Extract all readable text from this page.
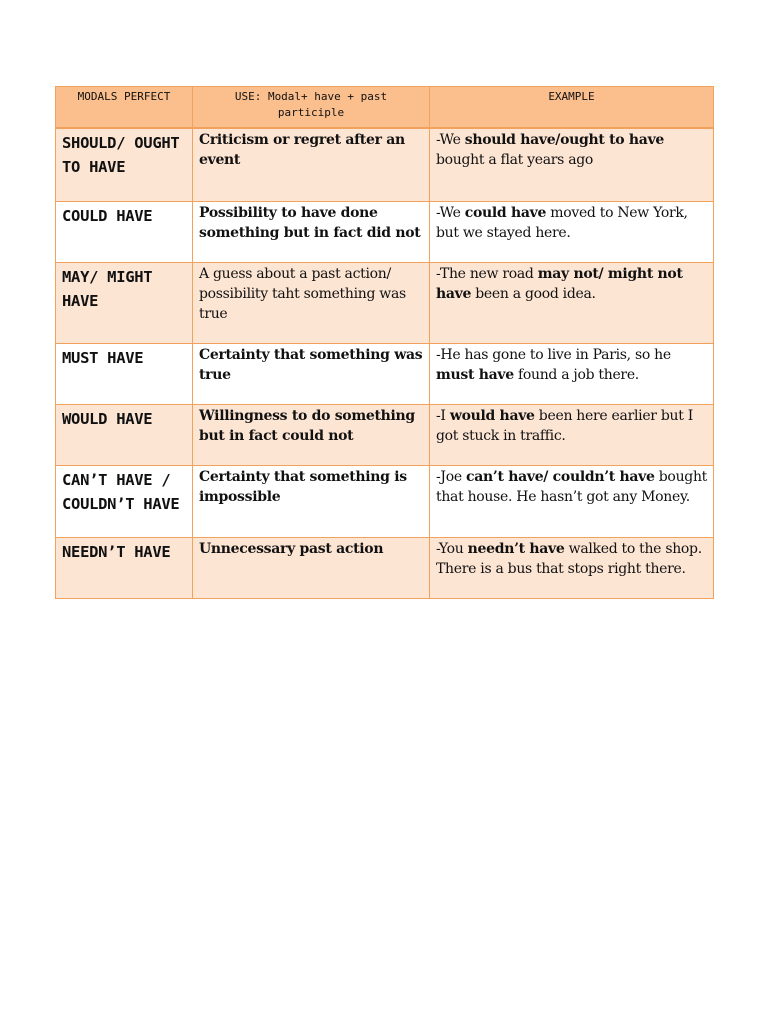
MODALS PERFECT	USE: Modal+ have + past participle	EXAMPLE
SHOULD/ OUGHT TO HAVE	Criticism or regret after an event	-We should have/ought to have bought a flat years ago
COULD HAVE	Possibility to have done something but in fact did not	-We could have moved to New York, but we stayed here.
MAY/ MIGHT HAVE	A guess about a past action/ possibility taht something was true	-The new road may not/ might not have been a good idea.
MUST HAVE	Certainty that something was true	-He has gone to live in Paris, so he must have found a job there.
WOULD HAVE	Willingness to do something but in fact could not	-I would have been here earlier but I got stuck in traffic.
CAN’T HAVE / COULDN’T HAVE	Certainty that something is impossible	-Joe can’t have/ couldn’t have bought that house. He hasn’t got any Money.
NEEDN’T HAVE	Unnecessary past action	-You needn’t have walked to the shop. There is a bus that stops right there.
